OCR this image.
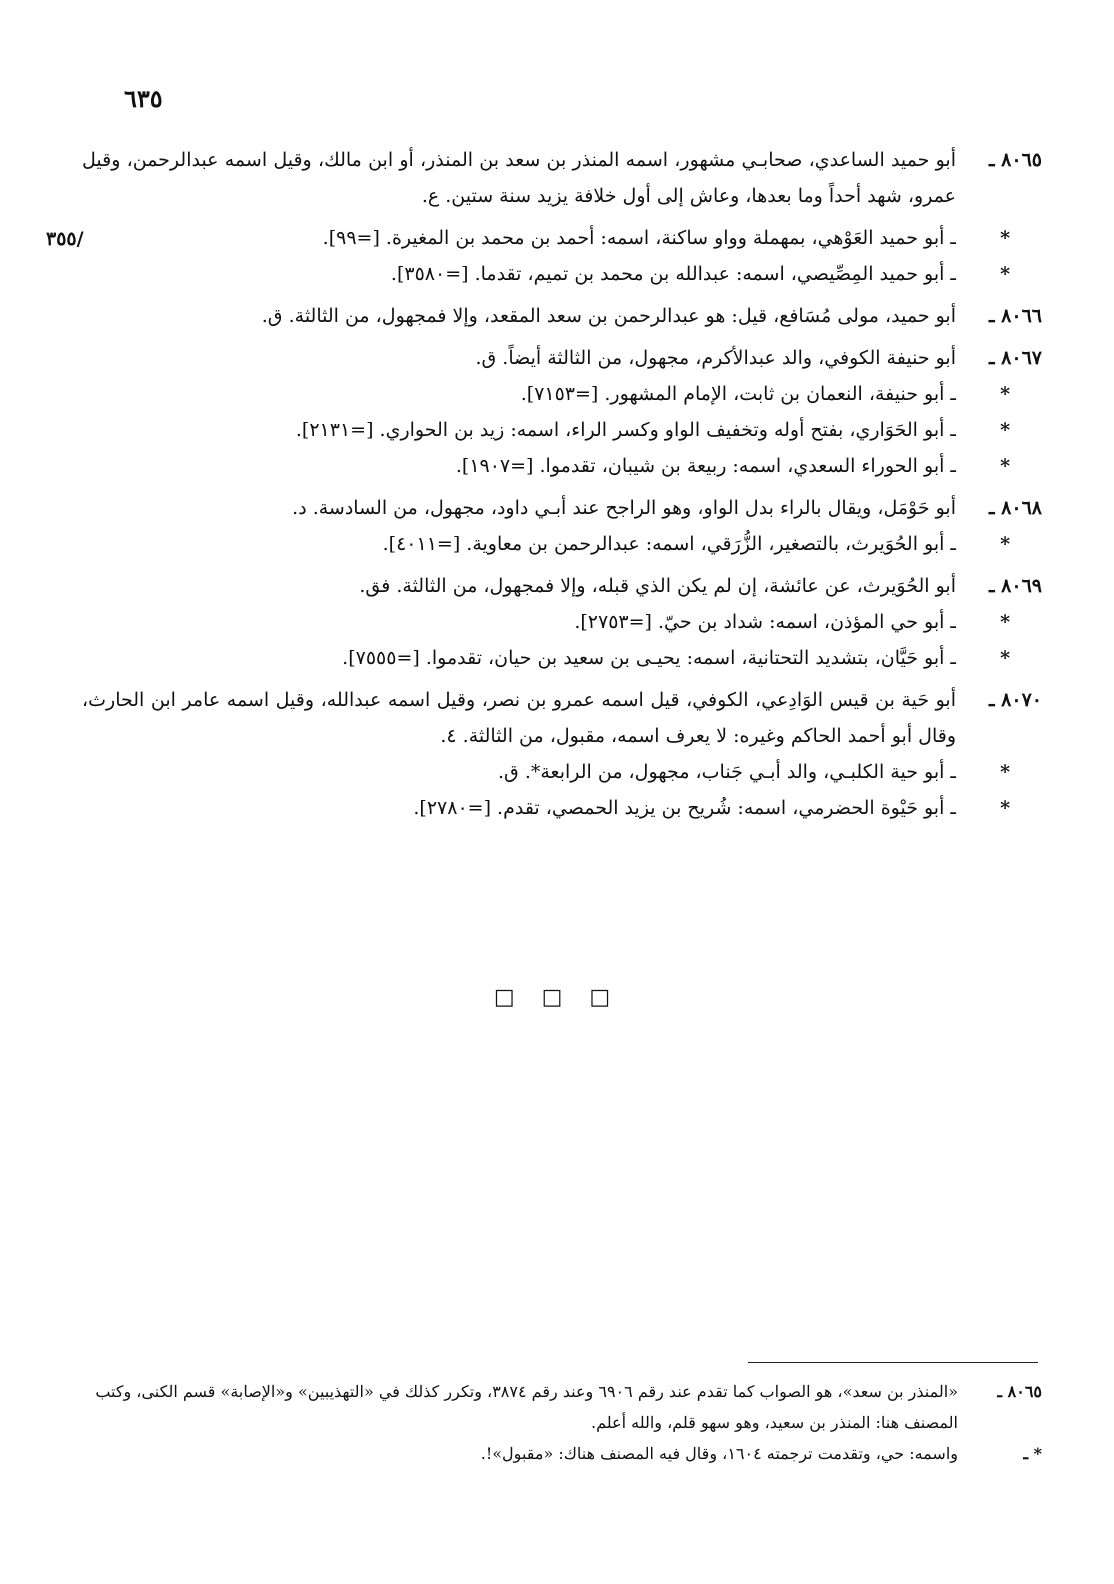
٦٣٥
/٣٥٥
٨٠٦٥ ـ
أبو حميد الساعدي، صحابـي مشهور، اسمه المنذر بن سعد بن المنذر، أو ابن مالك، وقيل اسمه عبدالرحمن، وقيل عمرو، شهد أحداً وما بعدها، وعاش إلى أول خلافة يزيد سنة ستين. ع.
*
ـ أبو حميد العَوْهي، بمهملة وواو ساكنة، اسمه: أحمد بن محمد بن المغيرة. [=٩٩].
*
ـ أبو حميد المِصِّيصي، اسمه: عبدالله بن محمد بن تميم، تقدما. [=٣٥٨٠].
٨٠٦٦ ـ
أبو حميد، مولى مُسَافع، قيل: هو عبدالرحمن بن سعد المقعد، وإلا فمجهول، من الثالثة. ق.
٨٠٦٧ ـ
أبو حنيفة الكوفي، والد عبدالأكرم، مجهول، من الثالثة أيضاً. ق.
*
ـ أبو حنيفة، النعمان بن ثابت، الإمام المشهور. [=٧١٥٣].
*
ـ أبو الحَوَاري، بفتح أوله وتخفيف الواو وكسر الراء، اسمه: زيد بن الحواري. [=٢١٣١].
*
ـ أبو الحوراء السعدي، اسمه: ربيعة بن شيبان، تقدموا. [=١٩٠٧].
٨٠٦٨ ـ
أبو حَوْمَل، ويقال بالراء بدل الواو، وهو الراجح عند أبـي داود، مجهول، من السادسة. د.
*
ـ أبو الحُوَيرث، بالتصغير، الزُّرَقي، اسمه: عبدالرحمن بن معاوية. [=٤٠١١].
٨٠٦٩ ـ
أبو الحُوَيرث، عن عائشة، إن لم يكن الذي قبله، وإلا فمجهول، من الثالثة. فق.
*
ـ أبو حي المؤذن، اسمه: شداد بن حيّ. [=٢٧٥٣].
*
ـ أبو حَيَّان، بتشديد التحتانية، اسمه: يحيـى بن سعيد بن حيان، تقدموا. [=٧٥٥٥].
٨٠٧٠ ـ
أبو حَية بن قيس الوَادِعي، الكوفي، قيل اسمه عمرو بن نصر، وقيل اسمه عبدالله، وقيل اسمه عامر ابن الحارث، وقال أبو أحمد الحاكم وغيره: لا يعرف اسمه، مقبول، من الثالثة. ٤.
*
ـ أبو حية الكلبـي، والد أبـي جَناب، مجهول، من الرابعة*. ق.
*
ـ أبو حَيْوة الحضرمي، اسمه: شُريح بن يزيد الحمصي، تقدم. [=٢٧٨٠].
□ □ □
٨٠٦٥ ـ
«المنذر بن سعد»، هو الصواب كما تقدم عند رقم ٦٩٠٦ وعند رقم ٣٨٧٤، وتكرر كذلك في «التهذيبين» و«الإصابة» قسم الكنى، وكتب المصنف هنا: المنذر بن سعيد، وهو سهو قلم، والله أعلم.
* ـ
واسمه: حي، وتقدمت ترجمته ١٦٠٤، وقال فيه المصنف هناك: «مقبول»!.
